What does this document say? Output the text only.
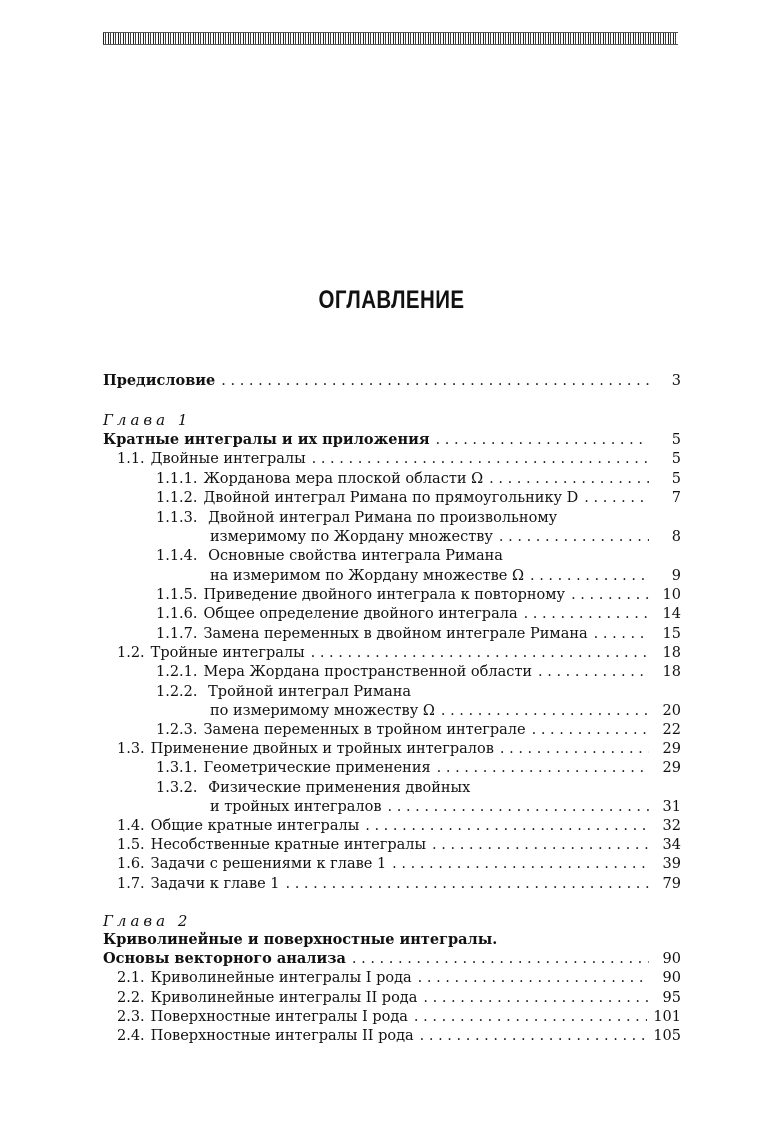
ОГЛАВЛЕНИЕ
Предисловие . . .	3
Глава 1
Кратные интегралы и их приложения . . .	5
1.1. Двойные интегралы . . .	5
1.1.1. Жорданова мера плоской области Ω . . .	5
1.1.2. Двойной интеграл Римана по прямоугольнику D . . .	7
1.1.3. Двойной интеграл Римана по произвольному
измеримому по Жордану множеству . . .	8
1.1.4. Основные свойства интеграла Римана
на измеримом по Жордану множестве Ω . . .	9
1.1.5. Приведение двойного интеграла к повторному . . .	10
1.1.6. Общее определение двойного интеграла . . .	14
1.1.7. Замена переменных в двойном интеграле Римана . . .	15
1.2. Тройные интегралы . . .	18
1.2.1. Мера Жордана пространственной области . . .	18
1.2.2. Тройной интеграл Римана
по измеримому множеству Ω . . .	20
1.2.3. Замена переменных в тройном интеграле . . .	22
1.3. Применение двойных и тройных интегралов . . .	29
1.3.1. Геометрические применения . . .	29
1.3.2. Физические применения двойных
и тройных интегралов . . .	31
1.4. Общие кратные интегралы . . .	32
1.5. Несобственные кратные интегралы . . .	34
1.6. Задачи с решениями к главе 1 . . .	39
1.7. Задачи к главе 1 . . .	79
Глава 2
Криволинейные и поверхностные интегралы.
Основы векторного анализа . . .	90
2.1. Криволинейные интегралы I рода . . .	90
2.2. Криволинейные интегралы II рода . . .	95
2.3. Поверхностные интегралы I рода . . .	101
2.4. Поверхностные интегралы II рода . . .	105
